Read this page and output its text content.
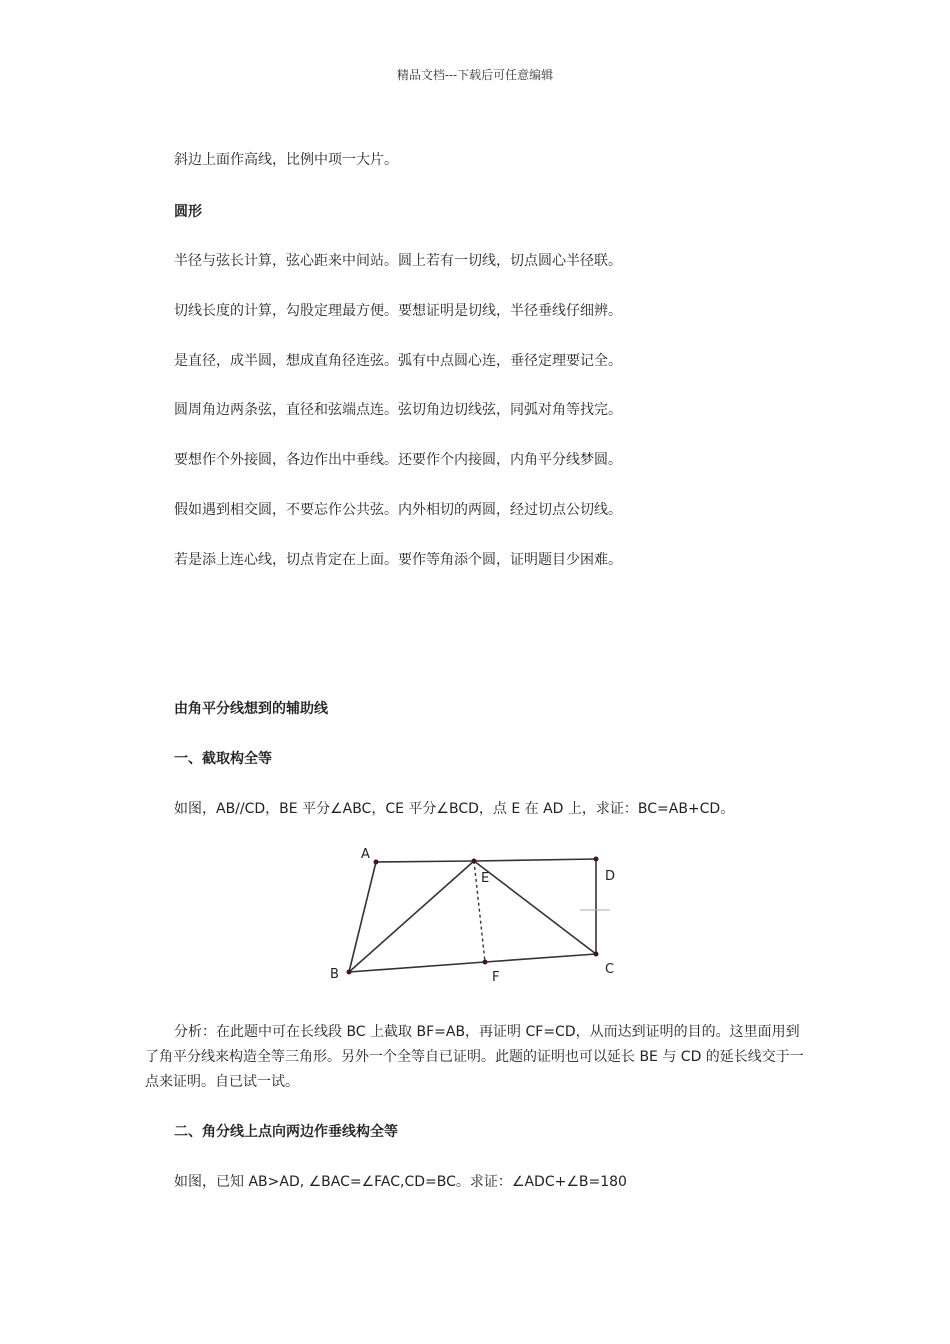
精品文档---下载后可任意编辑
斜边上面作高线，比例中项一大片。
圆形
半径与弦长计算，弦心距来中间站。圆上若有一切线，切点圆心半径联。
切线长度的计算，勾股定理最方便。要想证明是切线，半径垂线仔细辨。
是直径，成半圆，想成直角径连弦。弧有中点圆心连，垂径定理要记全。
圆周角边两条弦，直径和弦端点连。弦切角边切线弦，同弧对角等找完。
要想作个外接圆，各边作出中垂线。还要作个内接圆，内角平分线梦圆。
假如遇到相交圆，不要忘作公共弦。内外相切的两圆，经过切点公切线。
若是添上连心线，切点肯定在上面。要作等角添个圆，证明题目少困难。
由角平分线想到的辅助线
一、截取构全等
如图，AB//CD，BE 平分∠ABC，CE 平分∠BCD，点 E 在 AD 上，求证：BC=AB+CD。
A
E	D
B	F
C
分析：在此题中可在长线段 BC 上截取 BF=AB，再证明 CF=CD，从而达到证明的目的。这里面用到了角平分线来构造全等三角形。另外一个全等自已证明。此题的证明也可以延长 BE 与 CD 的延长线交于一点来证明。自已试一试。
二、角分线上点向两边作垂线构全等
如图，已知 AB>AD, ∠BAC=∠FAC,CD=BC。求证：∠ADC+∠B=180
